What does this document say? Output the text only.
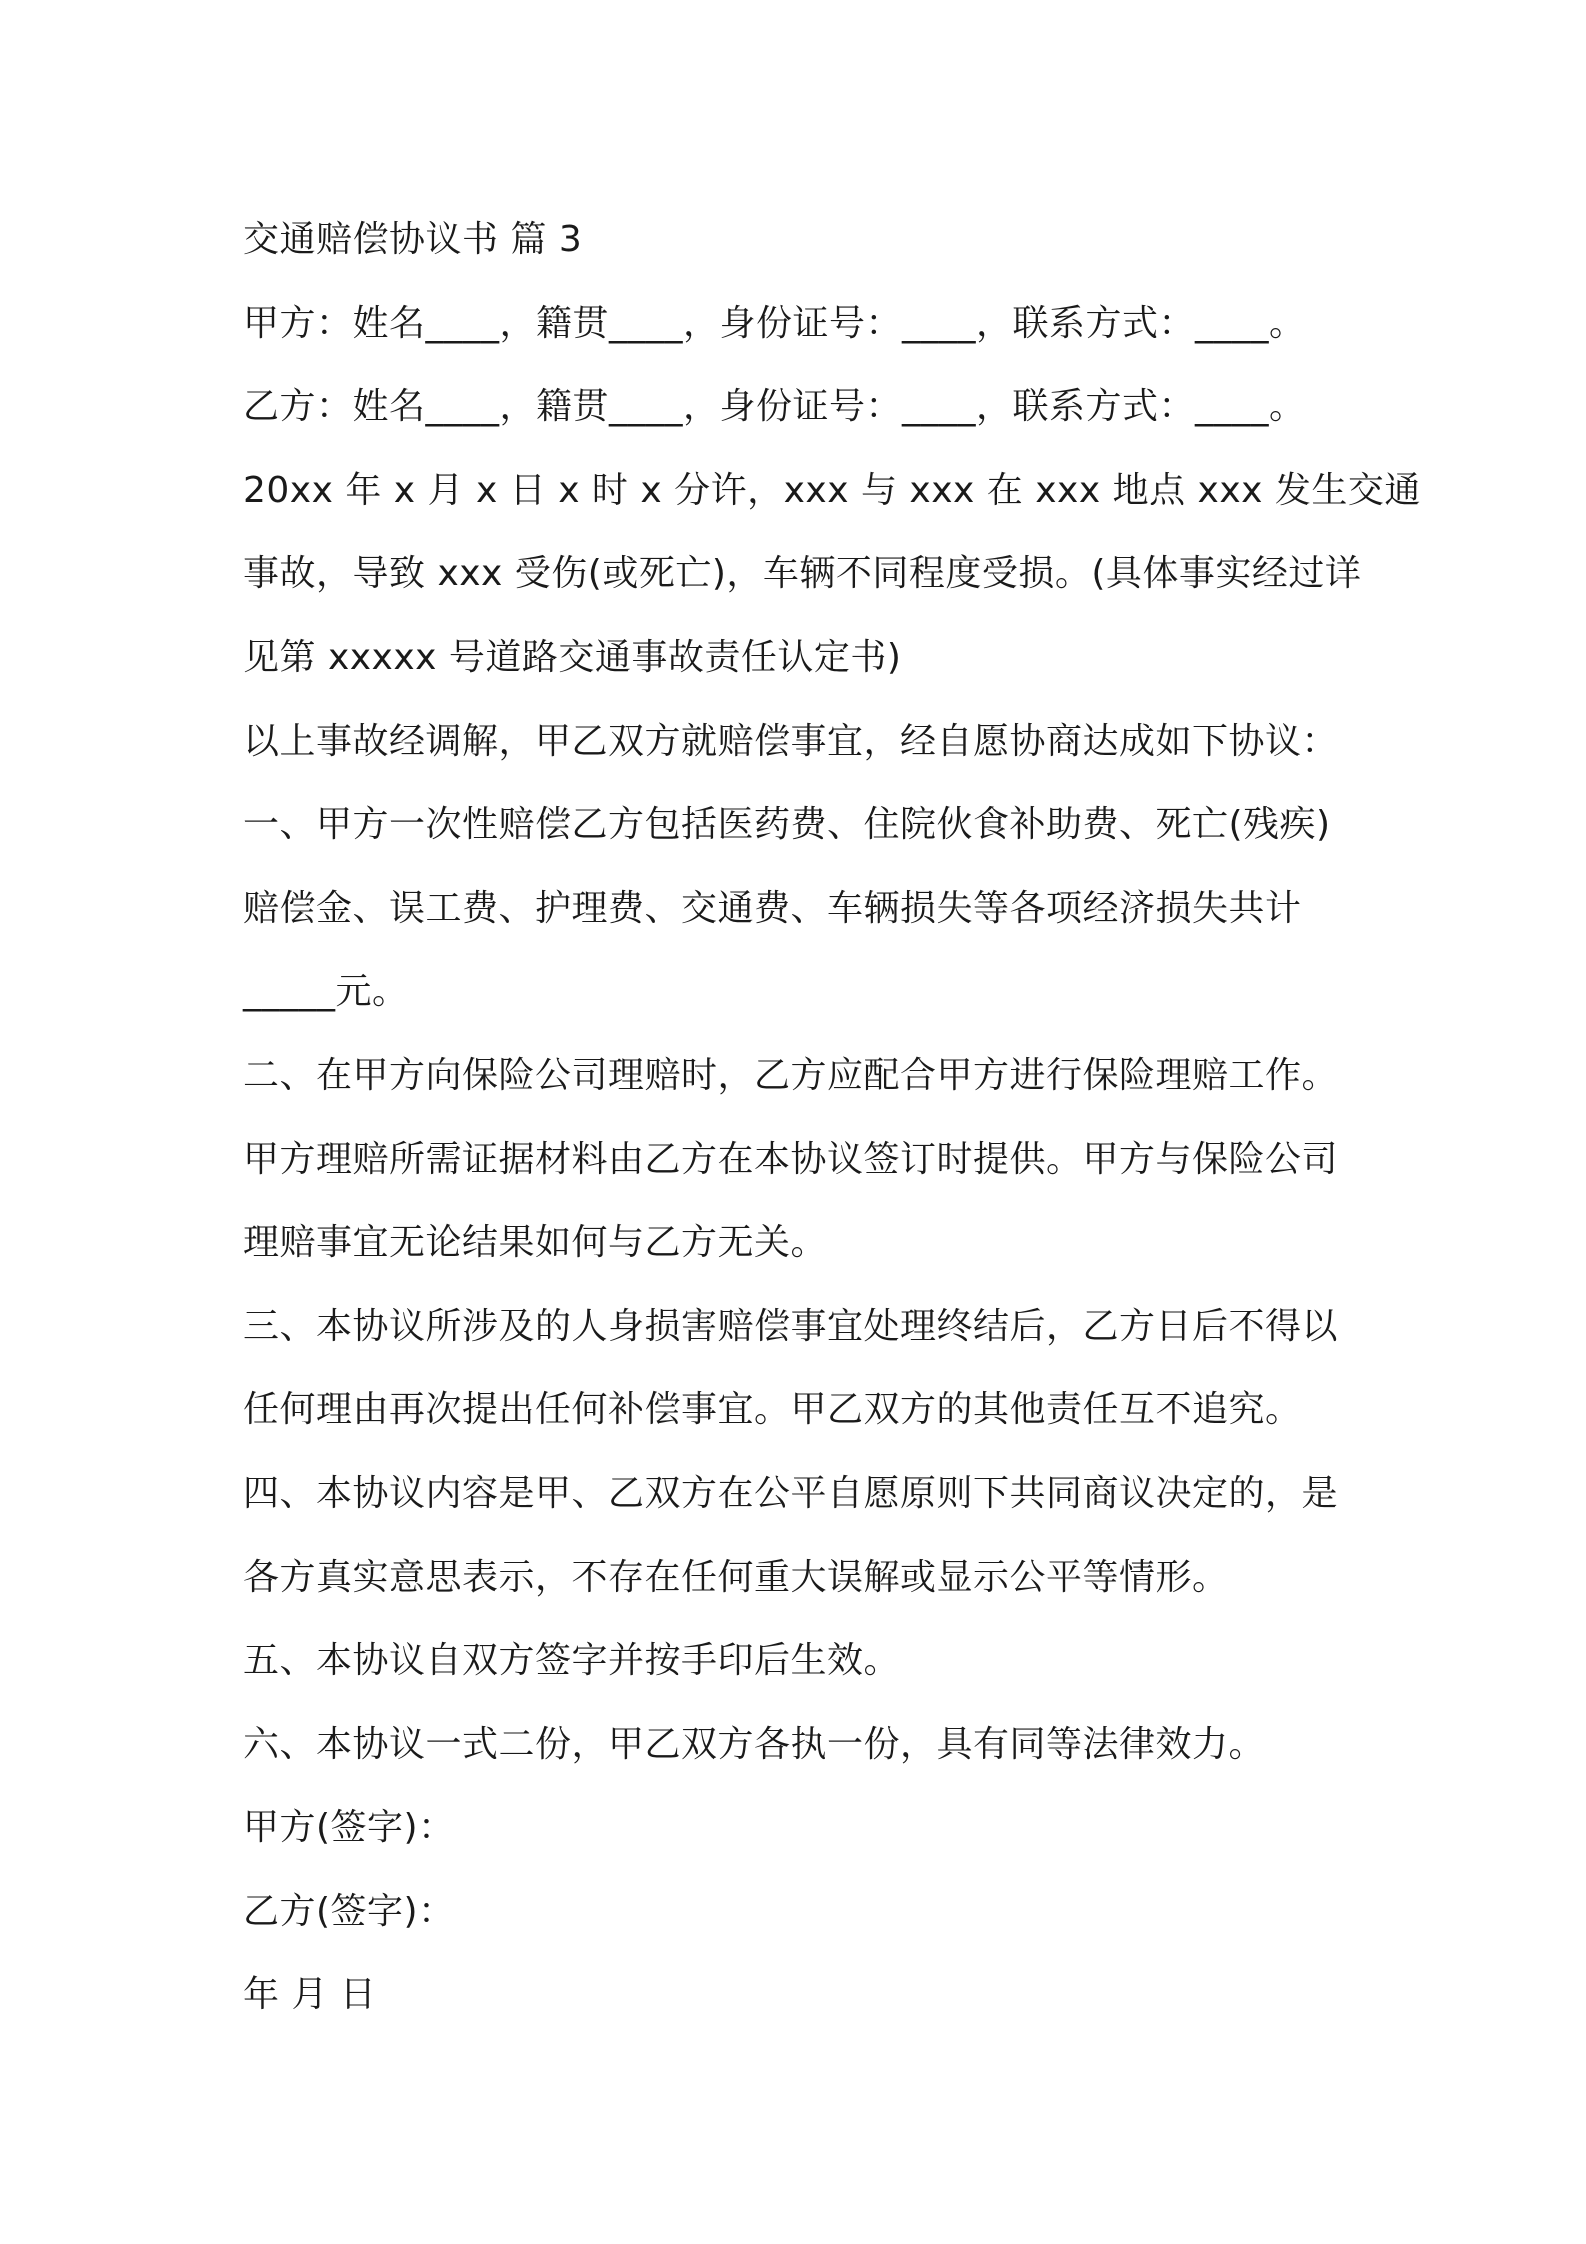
交通赔偿协议书 篇 3
甲方：姓名____，籍贯____，身份证号：____，联系方式：____。
乙方：姓名____，籍贯____，身份证号：____，联系方式：____。
20xx 年 x 月 x 日 x 时 x 分许，xxx 与 xxx 在 xxx 地点 xxx 发生交通
事故，导致 xxx 受伤(或死亡)，车辆不同程度受损。(具体事实经过详
见第 xxxxx 号道路交通事故责任认定书)
以上事故经调解，甲乙双方就赔偿事宜，经自愿协商达成如下协议：
一、甲方一次性赔偿乙方包括医药费、住院伙食补助费、死亡(残疾)
赔偿金、误工费、护理费、交通费、车辆损失等各项经济损失共计
_____元。
二、在甲方向保险公司理赔时，乙方应配合甲方进行保险理赔工作。
甲方理赔所需证据材料由乙方在本协议签订时提供。甲方与保险公司
理赔事宜无论结果如何与乙方无关。
三、本协议所涉及的人身损害赔偿事宜处理终结后，乙方日后不得以
任何理由再次提出任何补偿事宜。甲乙双方的其他责任互不追究。
四、本协议内容是甲、乙双方在公平自愿原则下共同商议决定的，是
各方真实意思表示，不存在任何重大误解或显示公平等情形。
五、本协议自双方签字并按手印后生效。
六、本协议一式二份，甲乙双方各执一份，具有同等法律效力。
甲方(签字)：
乙方(签字)：
年 月 日
